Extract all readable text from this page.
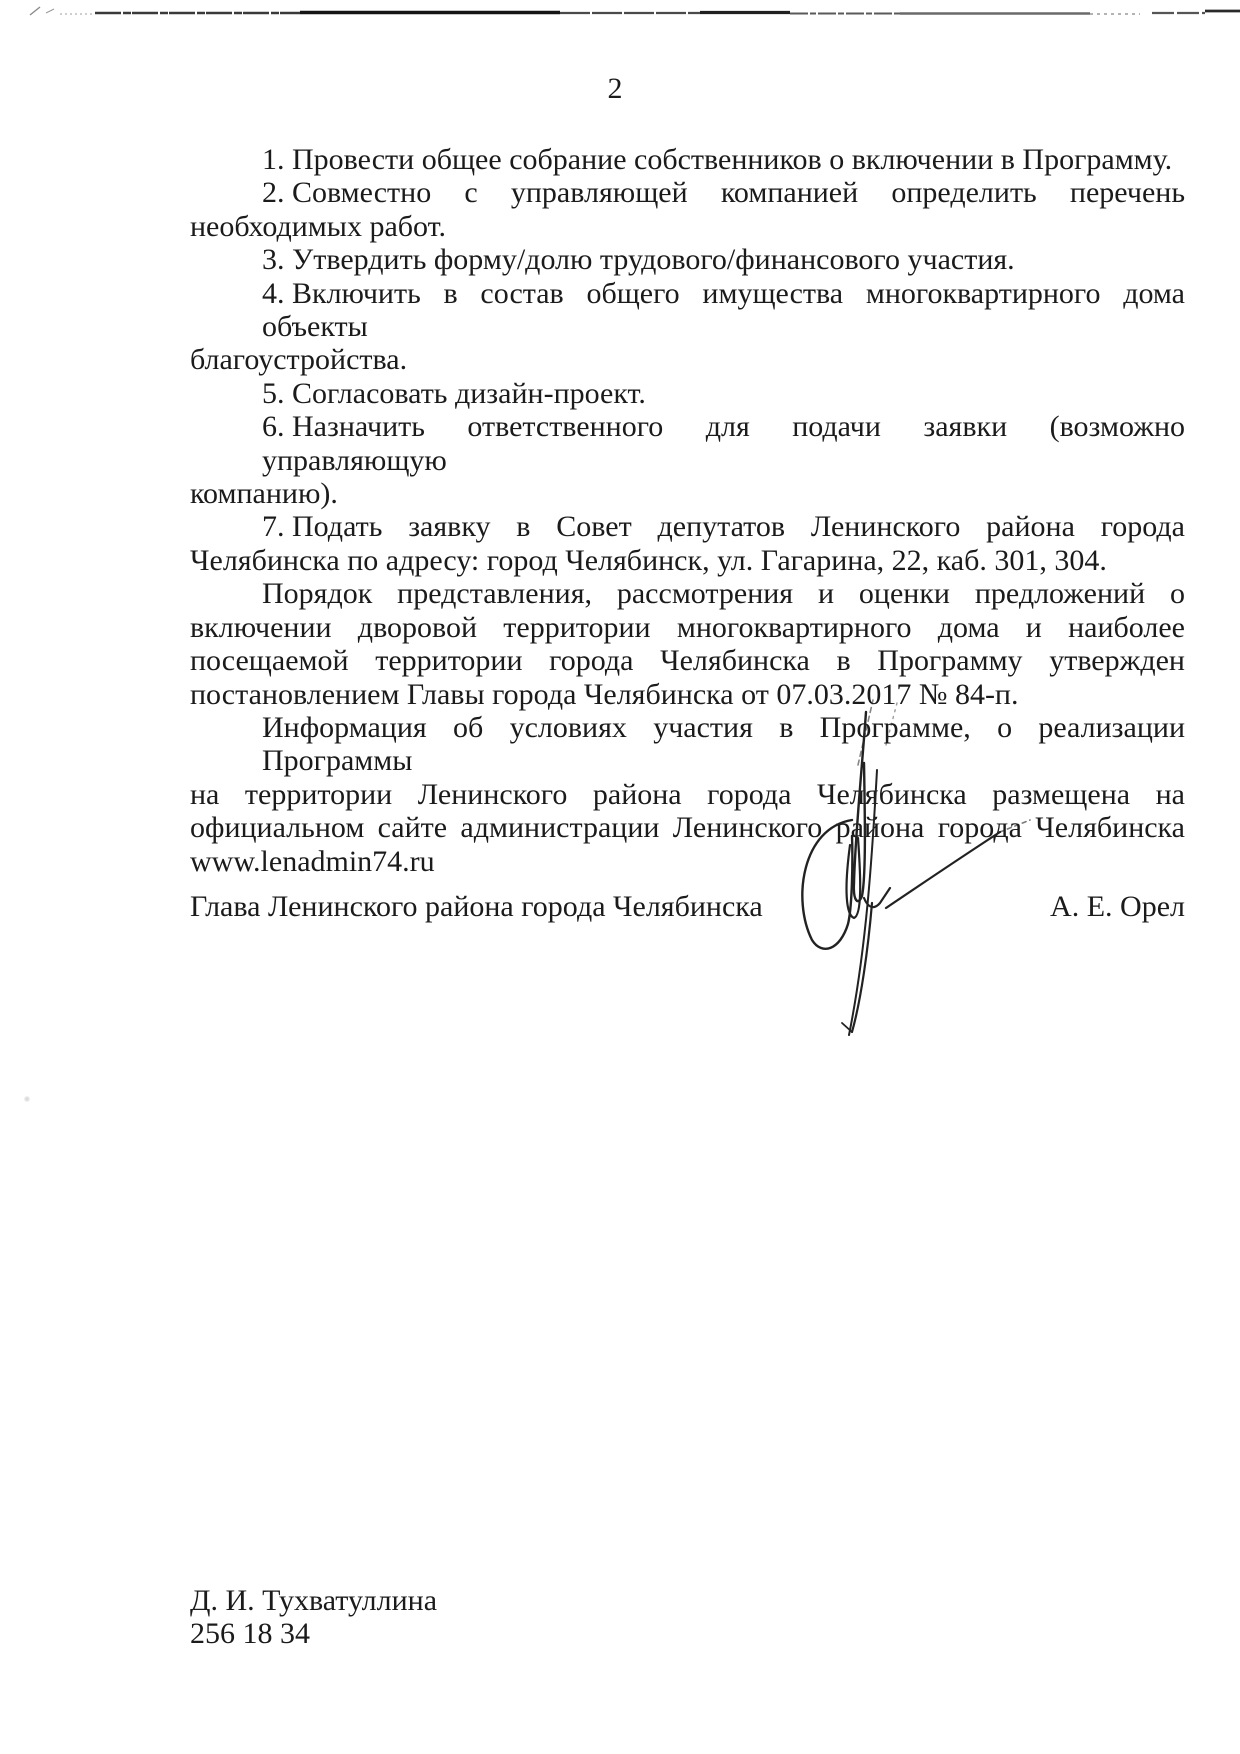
2
1. Провести общее собрание собственников о включении в Программу.
2. Совместно с управляющей компанией определить перечень
необходимых работ.
3. Утвердить форму/долю трудового/финансового участия.
4. Включить в состав общего имущества многоквартирного дома объекты
благоустройства.
5. Согласовать дизайн-проект.
6. Назначить ответственного для подачи заявки (возможно управляющую
компанию).
7. Подать заявку в Совет депутатов Ленинского района города
Челябинска по адресу: город Челябинск, ул. Гагарина, 22, каб. 301, 304.
Порядок представления, рассмотрения и оценки предложений о
включении дворовой территории многоквартирного дома и наиболее
посещаемой территории города Челябинска в Программу утвержден
постановлением Главы города Челябинска от 07.03.2017 № 84-п.
Информация об условиях участия в Программе, о реализации Программы
на территории Ленинского района города Челябинска размещена на
официальном сайте администрации Ленинского района города Челябинска
www.lenadmin74.ru
Глава Ленинского района города Челябинска	А. Е. Орел
Д. И. Тухватуллина
256 18 34
